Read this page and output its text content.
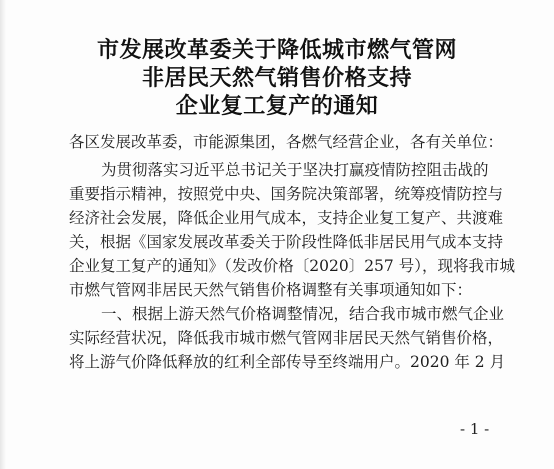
市发展改革委关于降低城市燃气管网
非居民天然气销售价格支持
企业复工复产的通知
各区发展改革委，市能源集团，各燃气经营企业，各有关单位：
为贯彻落实习近平总书记关于坚决打赢疫情防控阻击战的
重要指示精神，按照党中央、国务院决策部署，统筹疫情防控与
经济社会发展，降低企业用气成本，支持企业复工复产、共渡难
关，根据《国家发展改革委关于阶段性降低非居民用气成本支持
企业复工复产的通知》（发改价格〔2020〕257 号），现将我市城
市燃气管网非居民天然气销售价格调整有关事项通知如下：
一、根据上游天然气价格调整情况，结合我市城市燃气企业
实际经营状况，降低我市城市燃气管网非居民天然气销售价格，
将上游气价降低释放的红利全部传导至终端用户。2020 年 2 月
- 1 -
